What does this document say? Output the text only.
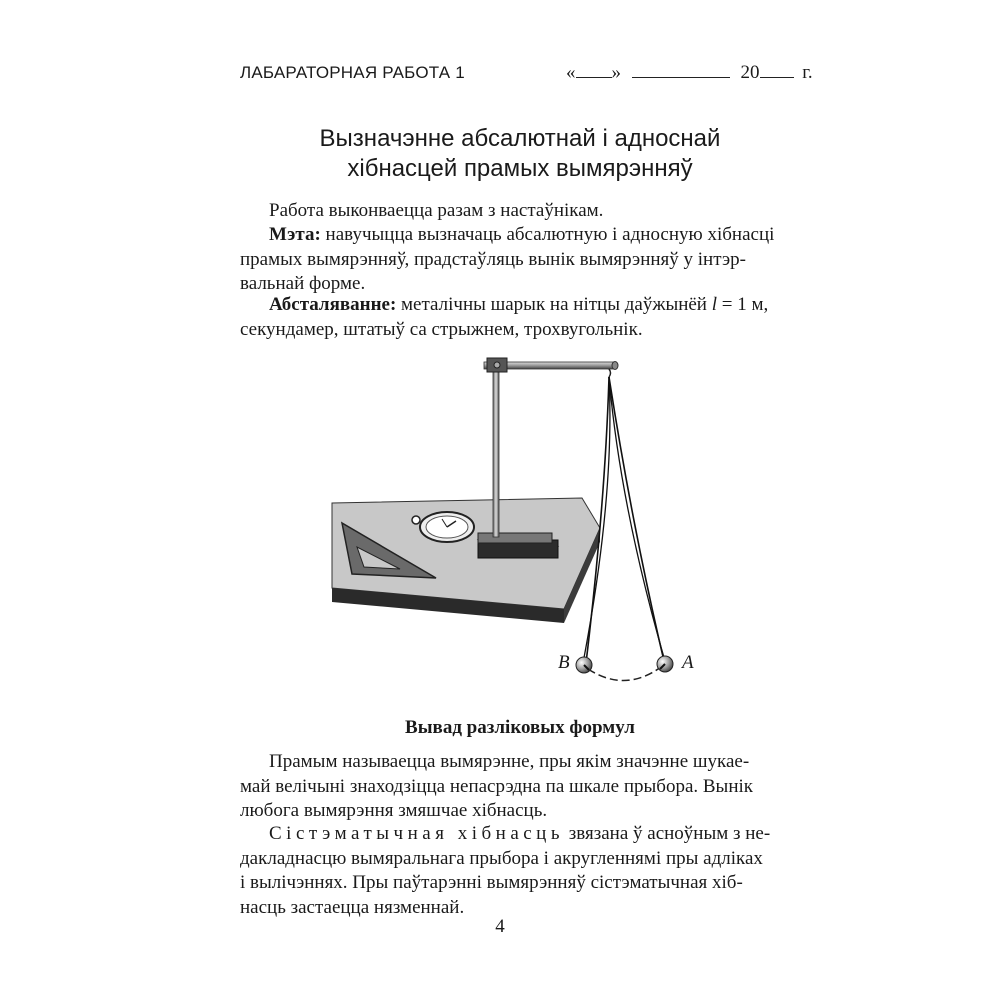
ЛАБАРАТОРНАЯ РАБОТА 1	« »	20 г.
Вызначэнне абсалютнай і адноснай
хібнасцей прамых вымярэнняў
Работа выконваецца разам з настаўнікам.
Мэта: навучыцца вызначаць абсалютную і адносную хібнасці
прамых вымярэнняў, прадстаўляць вынік вымярэнняў у інтэр-
вальнай форме.
Абсталяванне: металічны шарык на нітцы даўжынёй l = 1 м,
секундамер, штатыў са стрыжнем, трохвугольнік.
B	A
Вывад разліковых формул
Прамым называецца вымярэнне, пры якім значэнне шукае-
май велічыні знаходзіцца непасрэдна па шкале прыбора. Вынік
любога вымярэння змяшчае хібнасць.
Сістэматычная хібнасць звязана ў асноўным з не-
дакладнасцю вымяральнага прыбора і акругленнямі пры адліках
і вылічэннях. Пры паўтарэнні вымярэнняў сістэматычная хіб-
насць застаецца нязменнай.
4
